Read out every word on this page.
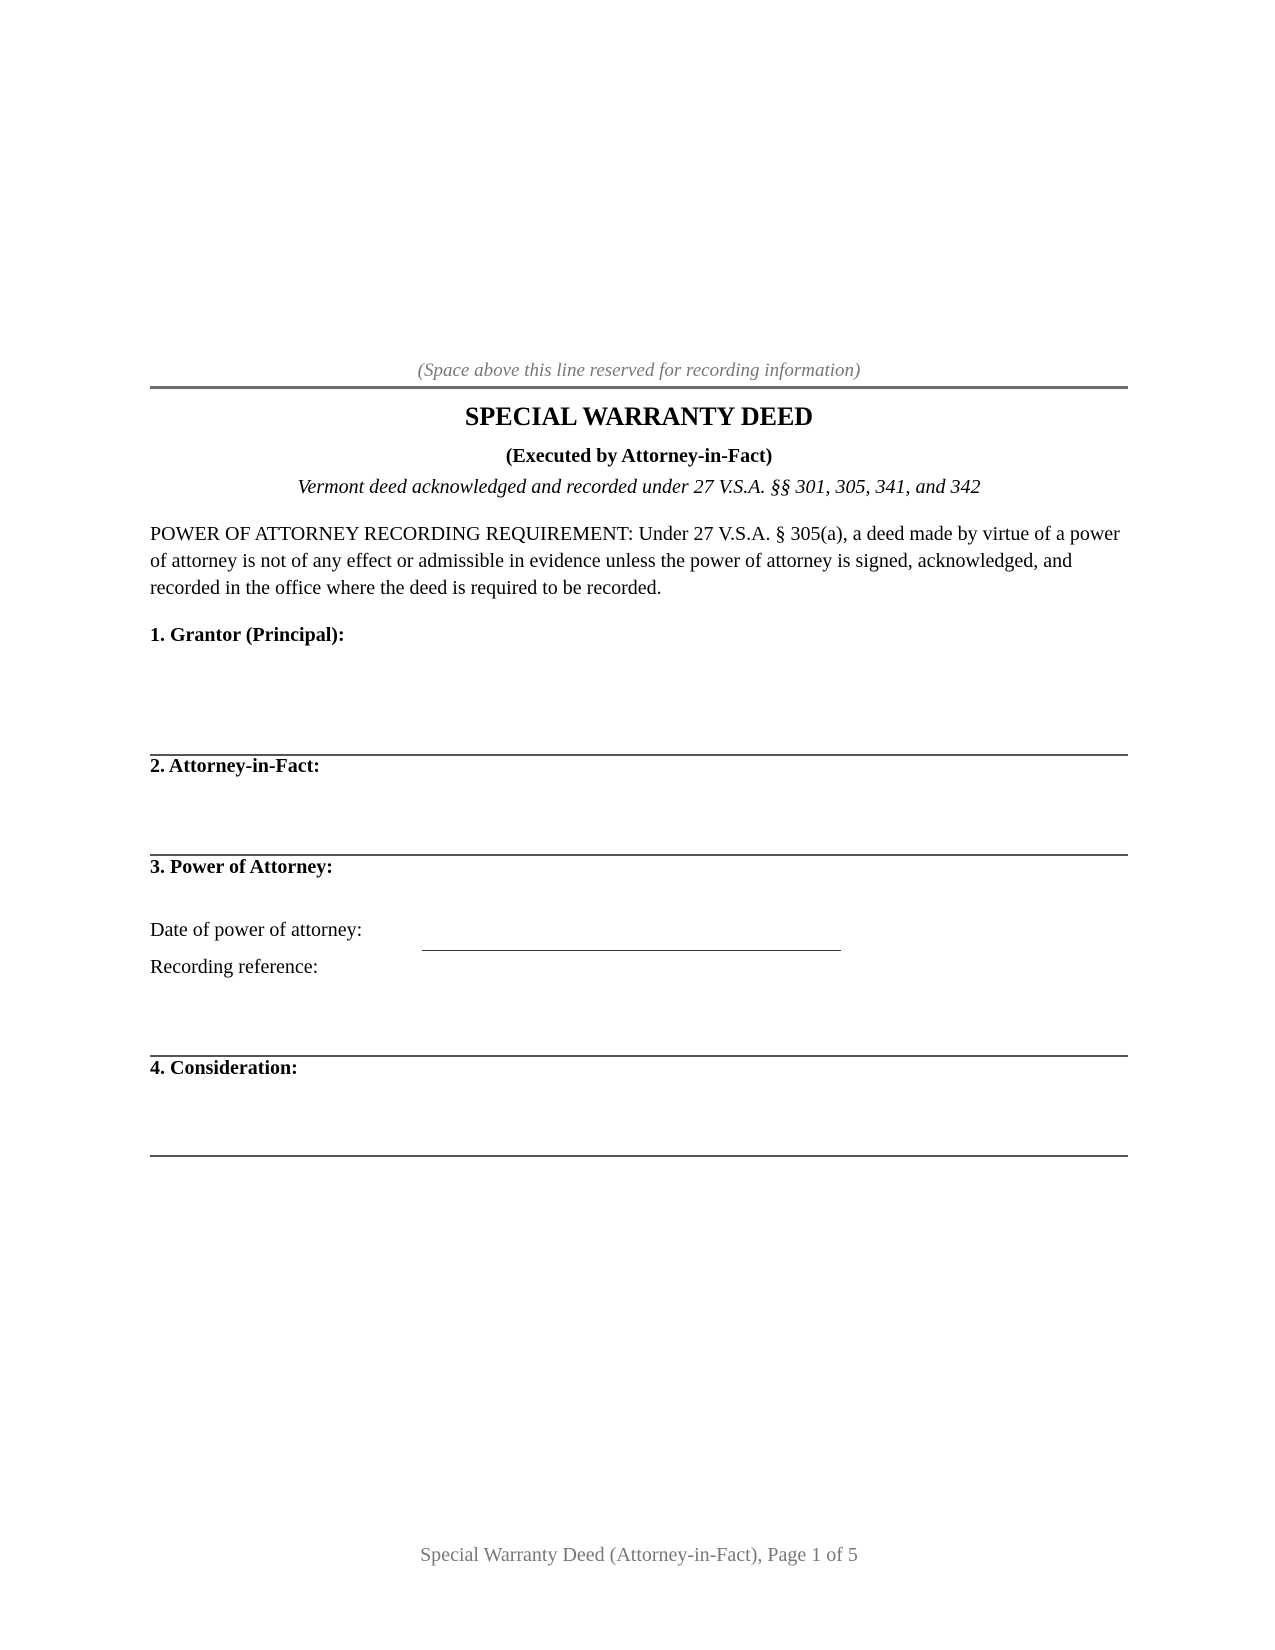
(Space above this line reserved for recording information)
SPECIAL WARRANTY DEED
(Executed by Attorney-in-Fact)
Vermont deed acknowledged and recorded under 27 V.S.A. §§ 301, 305, 341, and 342
POWER OF ATTORNEY RECORDING REQUIREMENT: Under 27 V.S.A. § 305(a), a deed made by virtue of a power of attorney is not of any effect or admissible in evidence unless the power of attorney is signed, acknowledged, and recorded in the office where the deed is required to be recorded.
1. Grantor (Principal):
2. Attorney-in-Fact:
3. Power of Attorney:
Date of power of attorney:
Recording reference:
4. Consideration:
Special Warranty Deed (Attorney-in-Fact), Page 1 of 5
